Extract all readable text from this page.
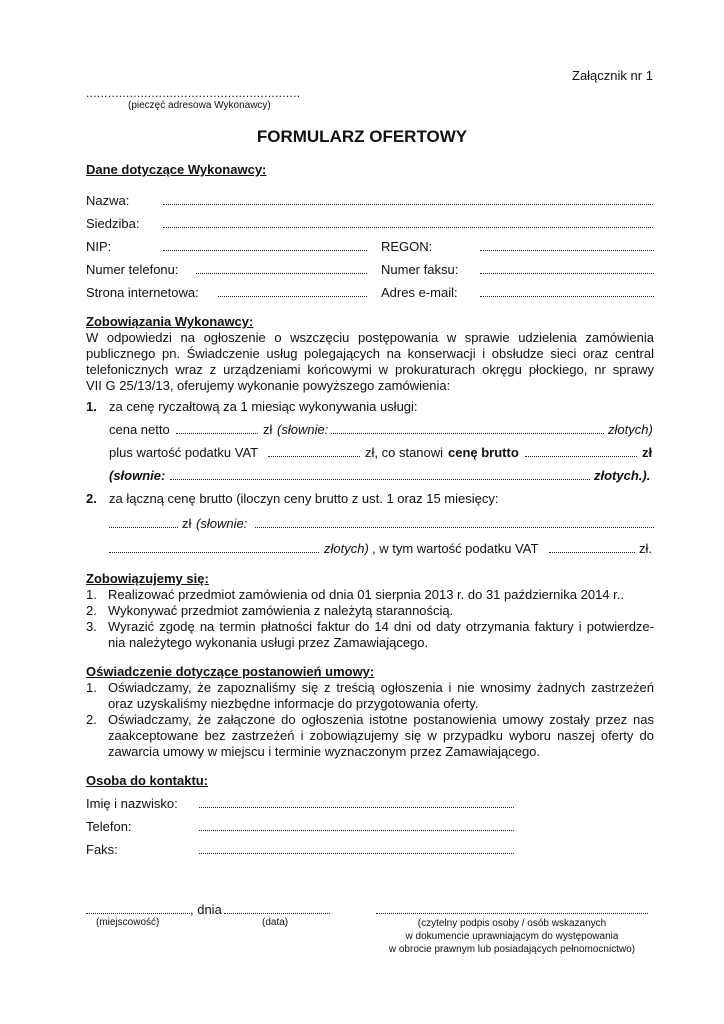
Załącznik nr 1
...........................................................
(pieczęć adresowa Wykonawcy)
FORMULARZ OFERTOWY
Dane dotyczące Wykonawcy:
Nazwa:
Siedziba:
NIP:	REGON:
Numer telefonu:	Numer faksu:
Strona internetowa:	Adres e-mail:
Zobowiązania Wykonawcy:
W odpowiedzi na ogłoszenie o wszczęciu postępowania w sprawie udzielenia zamówienia
publicznego pn. Świadczenie usług polegających na konserwacji i obsłudze sieci oraz central
telefonicznych wraz z urządzeniami końcowymi w prokuraturach okręgu płockiego, nr sprawy
VII G 25/13/13, oferujemy wykonanie powyższego zamówienia:
1. za cenę ryczałtową za 1 miesiąc wykonywania usługi:
cena netto	zł (słownie:	złotych)
plus wartość podatku VAT	zł, co stanowi cenę brutto	zł
(słownie:	złotych.).
2. za łączną cenę brutto (iloczyn ceny brutto z ust. 1 oraz 15 miesięcy:
zł (słownie:
złotych) , w tym wartość podatku VAT	zł.
Zobowiązujemy się:
1. Realizować przedmiot zamówienia od dnia 01 sierpnia 2013 r. do 31 października 2014 r..
2. Wykonywać przedmiot zamówienia z należytą starannością.
3. Wyrazić zgodę na termin płatności faktur do 14 dni od daty otrzymania faktury i potwierdze-
nia należytego wykonania usługi przez Zamawiającego.
Oświadczenie dotyczące postanowień umowy:
1. Oświadczamy, że zapoznaliśmy się z treścią ogłoszenia i nie wnosimy żadnych zastrzeżeń
oraz uzyskaliśmy niezbędne informacje do przygotowania oferty.
2. Oświadczamy, że załączone do ogłoszenia istotne postanowienia umowy zostały przez nas
zaakceptowane bez zastrzeżeń i zobowiązujemy się w przypadku wyboru naszej oferty do
zawarcia umowy w miejscu i terminie wyznaczonym przez Zamawiającego.
Osoba do kontaktu:
Imię i nazwisko:
Telefon:
Faks:
, dnia
(miejscowość)	(data)	(czytelny podpis osoby / osób wskazanych
w dokumencie uprawniającym do występowania
w obrocie prawnym lub posiadających pełnomocnictwo)
